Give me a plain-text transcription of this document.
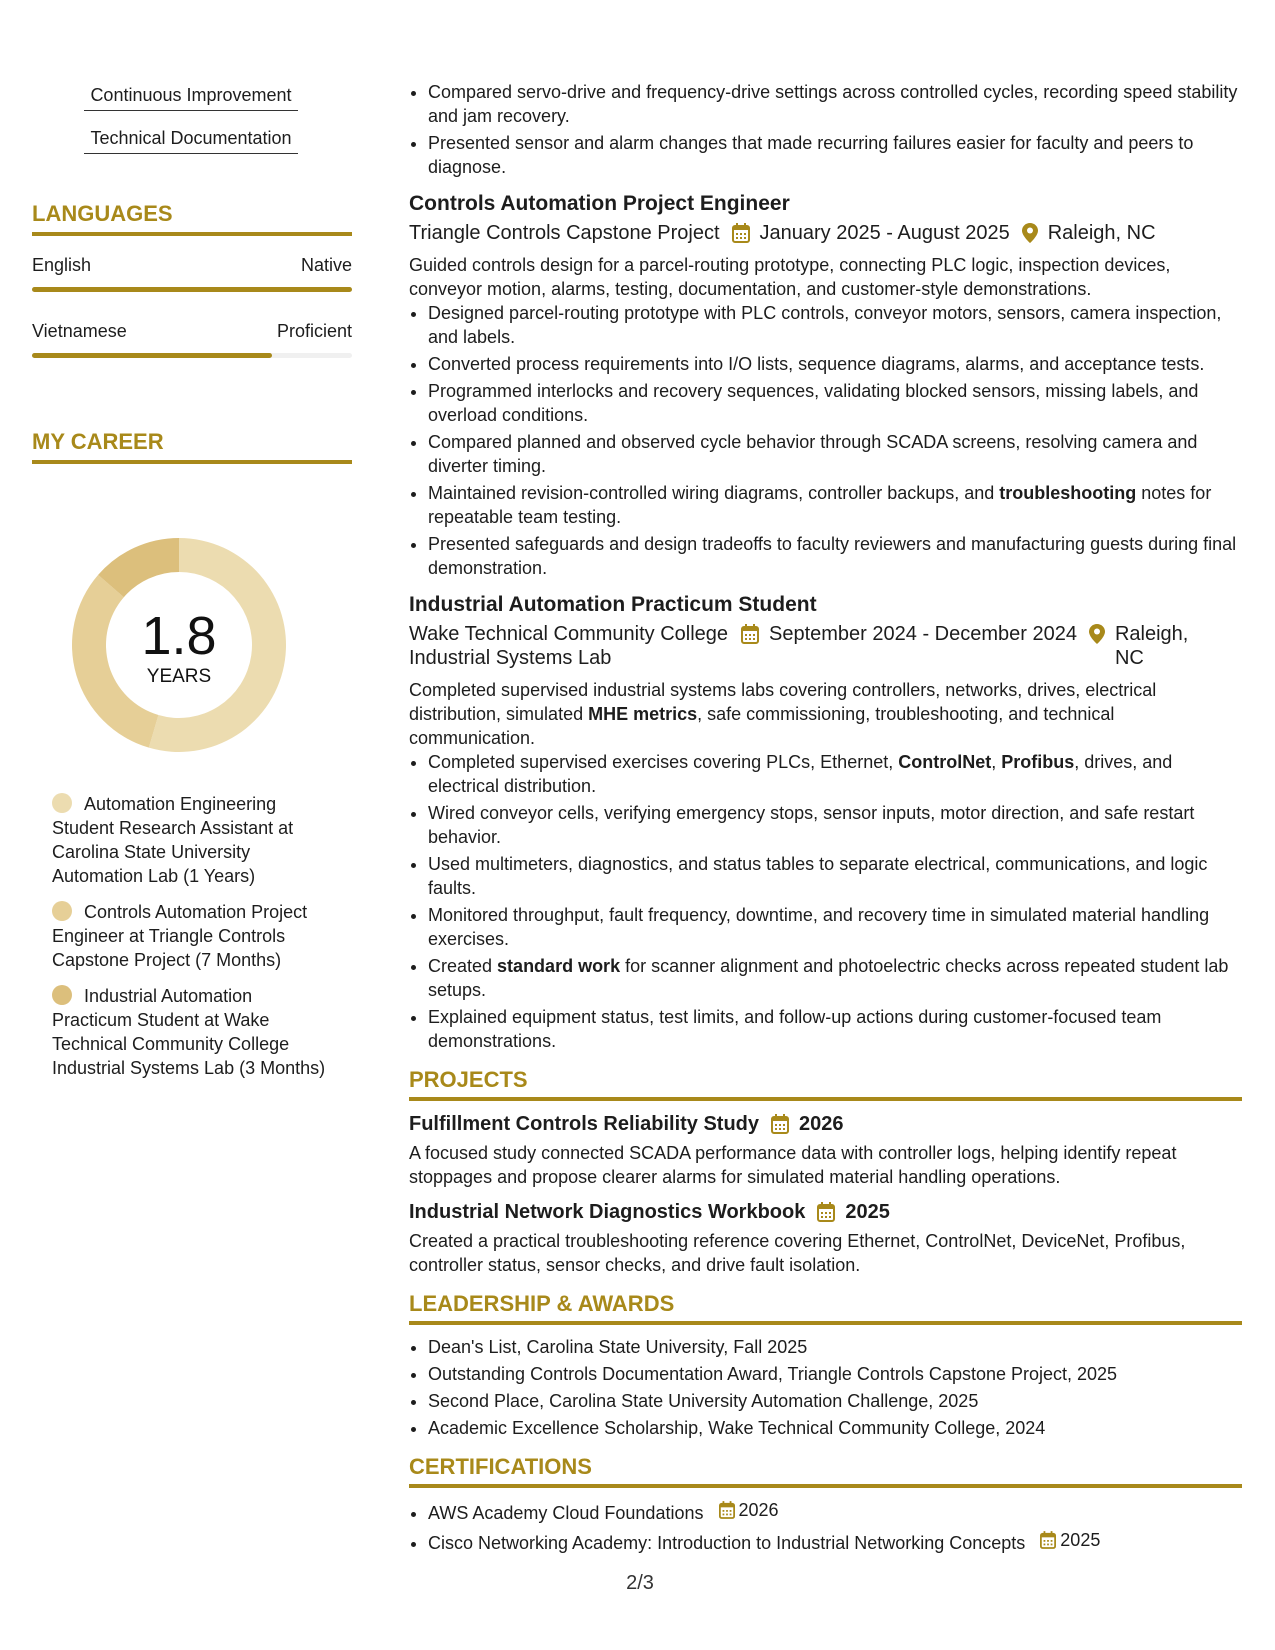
Continuous Improvement
Technical Documentation
LANGUAGES
English	Native
Vietnamese	Proficient
MY CAREER
1.8
YEARS
Automation Engineering Student Research Assistant at Carolina State University Automation Lab (1 Years)
Controls Automation Project Engineer at Triangle Controls Capstone Project (7 Months)
Industrial Automation Practicum Student at Wake Technical Community College Industrial Systems Lab (3 Months)
• Compared servo-drive and frequency-drive settings across controlled cycles, recording speed stability and jam recovery.
• Presented sensor and alarm changes that made recurring failures easier for faculty and peers to diagnose.
Controls Automation Project Engineer
Triangle Controls Capstone Project January 2025 - August 2025 Raleigh, NC
Guided controls design for a parcel-routing prototype, connecting PLC logic, inspection devices, conveyor motion, alarms, testing, documentation, and customer-style demonstrations.
• Designed parcel-routing prototype with PLC controls, conveyor motors, sensors, camera inspection, and labels.
• Converted process requirements into I/O lists, sequence diagrams, alarms, and acceptance tests.
• Programmed interlocks and recovery sequences, validating blocked sensors, missing labels, and overload conditions.
• Compared planned and observed cycle behavior through SCADA screens, resolving camera and diverter timing.
• Maintained revision-controlled wiring diagrams, controller backups, and troubleshooting notes for repeatable team testing.
• Presented safeguards and design tradeoffs to faculty reviewers and manufacturing guests during final demonstration.
Industrial Automation Practicum Student
Wake Technical Community College Industrial Systems Lab
September 2024 - December 2024 Raleigh, NC
Completed supervised industrial systems labs covering controllers, networks, drives, electrical distribution, simulated MHE metrics, safe commissioning, troubleshooting, and technical communication.
• Completed supervised exercises covering PLCs, Ethernet, ControlNet, Profibus, drives, and electrical distribution.
• Wired conveyor cells, verifying emergency stops, sensor inputs, motor direction, and safe restart behavior.
• Used multimeters, diagnostics, and status tables to separate electrical, communications, and logic faults.
• Monitored throughput, fault frequency, downtime, and recovery time in simulated material handling exercises.
• Created standard work for scanner alignment and photoelectric checks across repeated student lab setups.
• Explained equipment status, test limits, and follow-up actions during customer-focused team demonstrations.
PROJECTS
Fulfillment Controls Reliability Study 2026
A focused study connected SCADA performance data with controller logs, helping identify repeat stoppages and propose clearer alarms for simulated material handling operations.
Industrial Network Diagnostics Workbook 2025
Created a practical troubleshooting reference covering Ethernet, ControlNet, DeviceNet, Profibus, controller status, sensor checks, and drive fault isolation.
LEADERSHIP & AWARDS
• Dean's List, Carolina State University, Fall 2025
• Outstanding Controls Documentation Award, Triangle Controls Capstone Project, 2025
• Second Place, Carolina State University Automation Challenge, 2025
• Academic Excellence Scholarship, Wake Technical Community College, 2024
CERTIFICATIONS
• AWS Academy Cloud Foundations 2026
• Cisco Networking Academy: Introduction to Industrial Networking Concepts 2025
2/3
